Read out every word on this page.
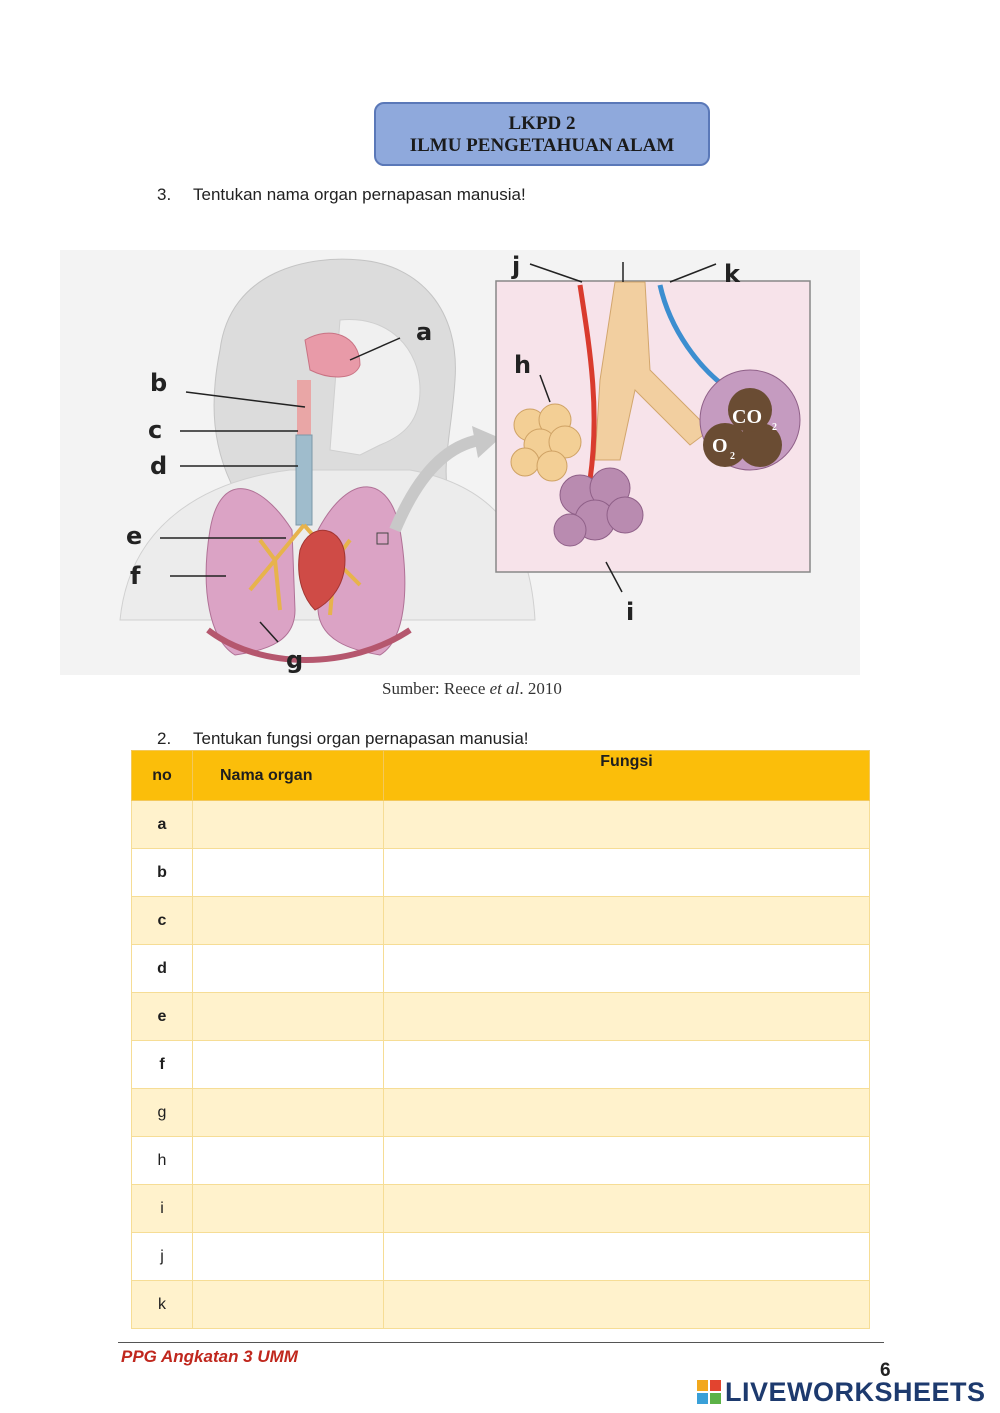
LKPD 2
ILMU PENGETAHUAN ALAM
3. Tentukan nama organ pernapasan manusia!
CO 2
O 2
a
b
c
d
e
f
g
h
i
j	k
Sumber: Reece et al. 2010
2. Tentukan fungsi organ pernapasan manusia!
no	Nama organ	Fungsi
a		
b		
c		
d		
e		
f		
g		
h		
i		
j		
k		
PPG Angkatan 3 UMM
6
LIVEWORKSHEETS
